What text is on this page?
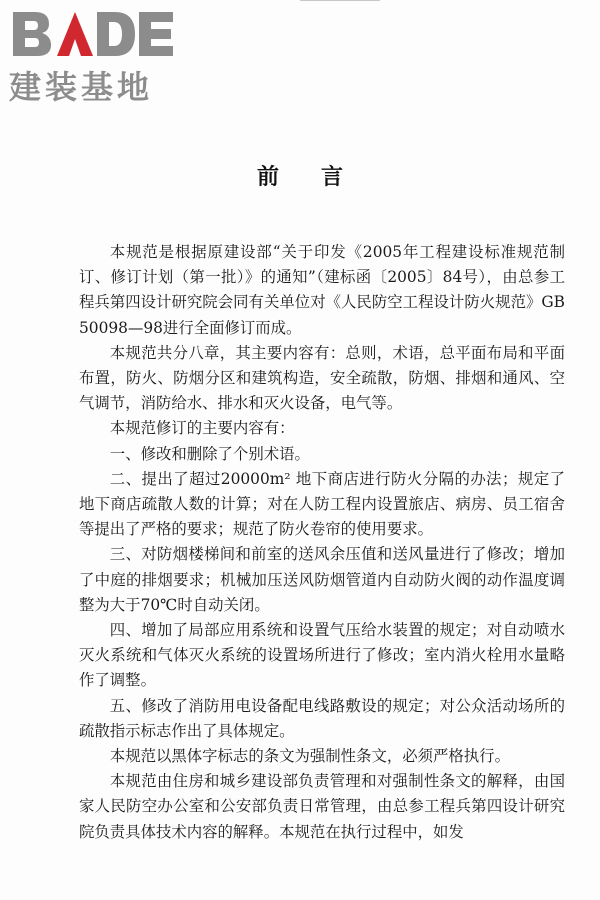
建装基地
前 言

本规范是根据原建设部“关于印发《2005年工程建设标准规范制订、修订计划（第一批）》的通知”（建标函〔2005〕84号），由总参工程兵第四设计研究院会同有关单位对《人民防空工程设计防火规范》GB 50098—98进行全面修订而成。

本规范共分八章，其主要内容有：总则，术语，总平面布局和平面布置，防火、防烟分区和建筑构造，安全疏散，防烟、排烟和通风、空气调节，消防给水、排水和灭火设备，电气等。

本规范修订的主要内容有：

一、修改和删除了个别术语。

二、提出了超过20000m² 地下商店进行防火分隔的办法；规定了地下商店疏散人数的计算；对在人防工程内设置旅店、病房、员工宿舍等提出了严格的要求；规范了防火卷帘的使用要求。

三、对防烟楼梯间和前室的送风余压值和送风量进行了修改；增加了中庭的排烟要求；机械加压送风防烟管道内自动防火阀的动作温度调整为大于70℃时自动关闭。

四、增加了局部应用系统和设置气压给水装置的规定；对自动喷水灭火系统和气体灭火系统的设置场所进行了修改；室内消火栓用水量略作了调整。

五、修改了消防用电设备配电线路敷设的规定；对公众活动场所的疏散指示标志作出了具体规定。

本规范以黑体字标志的条文为强制性条文，必须严格执行。

本规范由住房和城乡建设部负责管理和对强制性条文的解释，由国家人民防空办公室和公安部负责日常管理，由总参工程兵第四设计研究院负责具体技术内容的解释。本规范在执行过程中，如发
